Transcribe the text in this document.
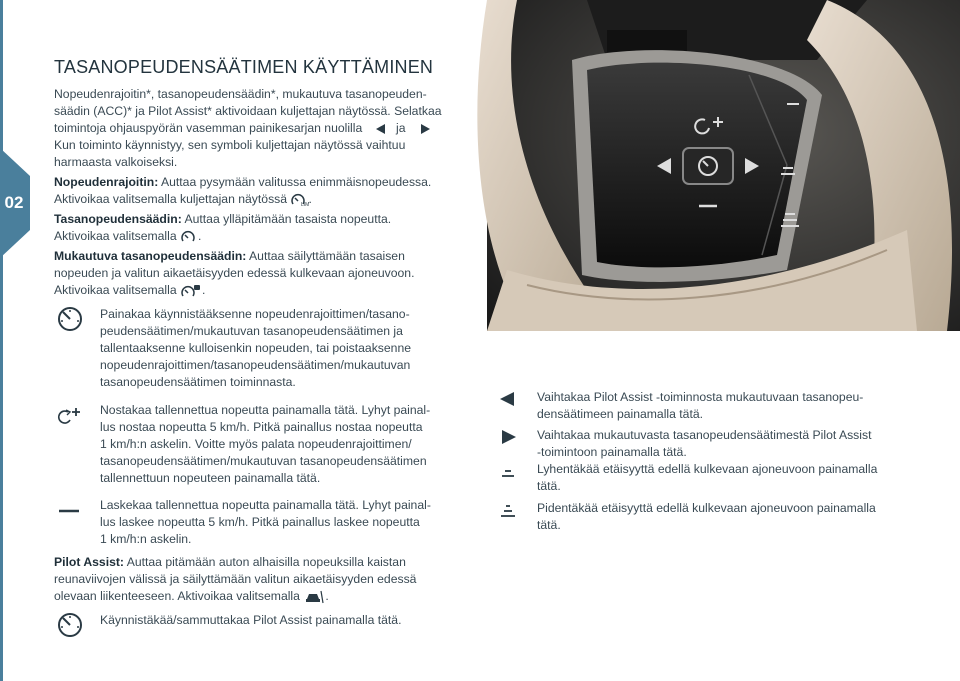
02
TASANOPEUDENSÄÄTIMEN KÄYTTÄMINEN
Nopeudenrajoitin*, tasanopeudensäädin*, mukautuva tasanopeuden-
säädin (ACC)* ja Pilot Assist* aktivoidaan kuljettajan näytössä. Selatkaa
toimintoja ohjauspyörän vasemman painikesarjan nuolilla	ja
Kun toiminto käynnistyy, sen symboli kuljettajan näytössä vaihtuu
harmaasta valkoiseksi.
Nopeudenrajoitin: Auttaa pysymään valitussa enimmäisnopeudessa.
Aktivoikaa valitsemalla kuljettajan näytössä	LIM
.
Tasanopeudensäädin: Auttaa ylläpitämään tasaista nopeutta.
Aktivoikaa valitsemalla .
Mukautuva tasanopeudensäädin: Auttaa säilyttämään tasaisen
nopeuden ja valitun aikaetäisyyden edessä kulkevaan ajoneuvoon.
Aktivoikaa valitsemalla .
Painakaa käynnistääksenne nopeudenrajoittimen/tasano-
peudensäätimen/mukautuvan tasanopeudensäätimen ja
tallentaaksenne kulloisenkin nopeuden, tai poistaaksenne
nopeudenrajoittimen/tasanopeudensäätimen/mukautuvan
tasanopeudensäätimen toiminnasta.
Nostakaa tallennettua nopeutta painamalla tätä. Lyhyt painal-
lus nostaa nopeutta 5 km/h. Pitkä painallus nostaa nopeutta
1 km/h:n askelin. Voitte myös palata nopeudenrajoittimen/
tasanopeudensäätimen/mukautuvan tasanopeudensäätimen
tallennettuun nopeuteen painamalla tätä.
Laskekaa tallennettua nopeutta painamalla tätä. Lyhyt painal-
lus laskee nopeutta 5 km/h. Pitkä painallus laskee nopeutta
1 km/h:n askelin.
Pilot Assist: Auttaa pitämään auton alhaisilla nopeuksilla kaistan
reunaviivojen välissä ja säilyttämään valitun aikaetäisyyden edessä
olevaan liikenteeseen. Aktivoikaa valitsemalla .
Käynnistäkää/sammuttakaa Pilot Assist painamalla tätä.
Vaihtakaa Pilot Assist -toiminnosta mukautuvaan tasanopeu-
densäätimeen painamalla tätä.
Vaihtakaa mukautuvasta tasanopeudensäätimestä Pilot Assist
-toimintoon painamalla tätä.
Lyhentäkää etäisyyttä edellä kulkevaan ajoneuvoon painamalla
tätä.
Pidentäkää etäisyyttä edellä kulkevaan ajoneuvoon painamalla
tätä.
